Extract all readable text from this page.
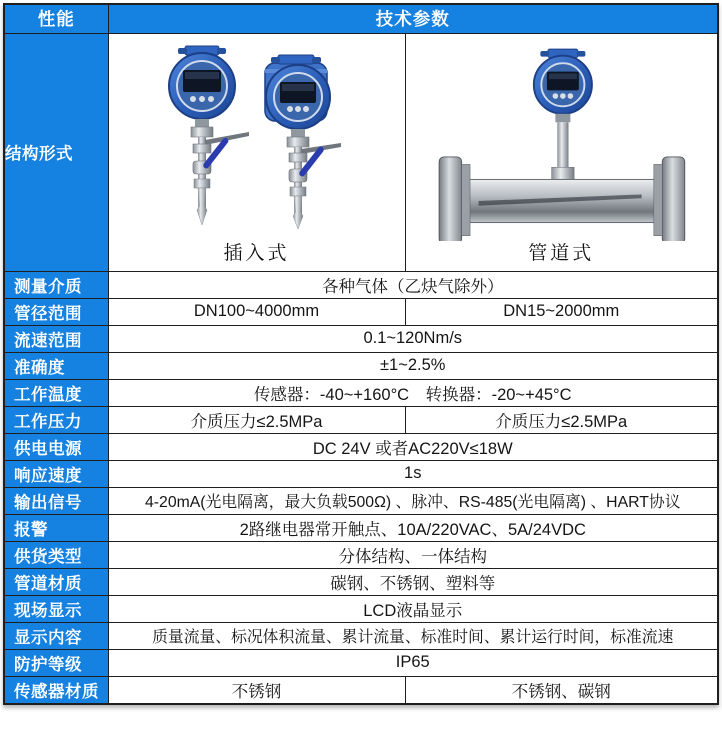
性能	技术参数	
结构形式	插入式	管道式

测量介质	各种气体（乙炔气除外）	
管径范围	DN100~4000mm	DN15~2000mm
流速范围	0.1~120Nm/s	
准确度	±1~2.5%	
工作温度	传感器：-40~+160°C　转换器：-20~+45°C	
工作压力	介质压力≤2.5MPa	介质压力≤2.5MPa
供电电源	DC 24V 或者AC220V≤18W	
响应速度	1s	
输出信号	4-20mA(光电隔离，最大负载500Ω) 、脉冲、RS-485(光电隔离) 、HART协议	
报警	2路继电器常开触点、10A/220VAC、5A/24VDC	
供货类型	分体结构、一体结构	
管道材质	碳钢、不锈钢、塑料等	
现场显示	LCD液晶显示	
显示内容	质量流量、标况体积流量、累计流量、标准时间、累计运行时间，标准流速	
防护等级	IP65	
传感器材质	不锈钢	不锈钢、碳钢
